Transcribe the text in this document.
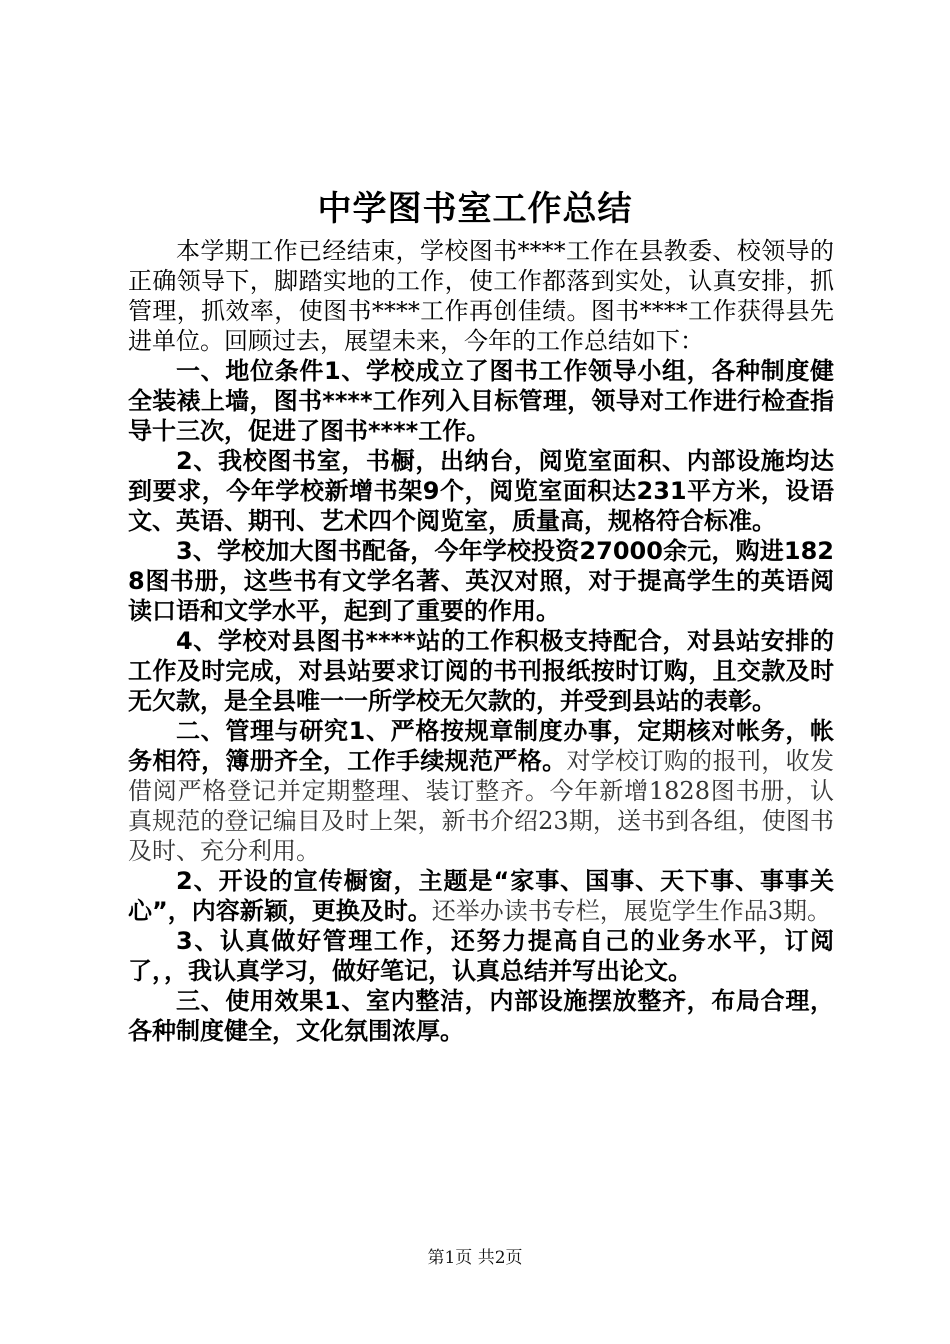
中学图书室工作总结

本学期工作已经结束，学校图书****工作在县教委、校领导的正确领导下，脚踏实地的工作，使工作都落到实处，认真安排，抓管理，抓效率，使图书****工作再创佳绩。图书****工作获得县先进单位。回顾过去，展望未来，今年的工作总结如下：

一、地位条件1、学校成立了图书工作领导小组，各种制度健全装裱上墙，图书****工作列入目标管理，领导对工作进行检查指导十三次，促进了图书****工作。

2、我校图书室，书橱，出纳台，阅览室面积、内部设施均达到要求，今年学校新增书架9个，阅览室面积达231平方米，设语文、英语、期刊、艺术四个阅览室，质量高，规格符合标准。

3、学校加大图书配备，今年学校投资27000余元，购进1828图书册，这些书有文学名著、英汉对照，对于提高学生的英语阅读口语和文学水平，起到了重要的作用。

4、学校对县图书****站的工作积极支持配合，对县站安排的工作及时完成，对县站要求订阅的书刊报纸按时订购，且交款及时无欠款，是全县唯一一所学校无欠款的，并受到县站的表彰。

二、管理与研究1、严格按规章制度办事，定期核对帐务，帐务相符，簿册齐全，工作手续规范严格。对学校订购的报刊，收发借阅严格登记并定期整理、装订整齐。今年新增1828图书册，认真规范的登记编目及时上架，新书介绍23期，送书到各组，使图书及时、充分利用。

2、开设的宣传橱窗，主题是“家事、国事、天下事、事事关心”，内容新颖，更换及时。还举办读书专栏，展览学生作品3期。

3、认真做好管理工作，还努力提高自己的业务水平，订阅了，，我认真学习，做好笔记，认真总结并写出论文。

三、使用效果1、室内整洁，内部设施摆放整齐，布局合理，各种制度健全，文化氛围浓厚。

第1页 共2页
